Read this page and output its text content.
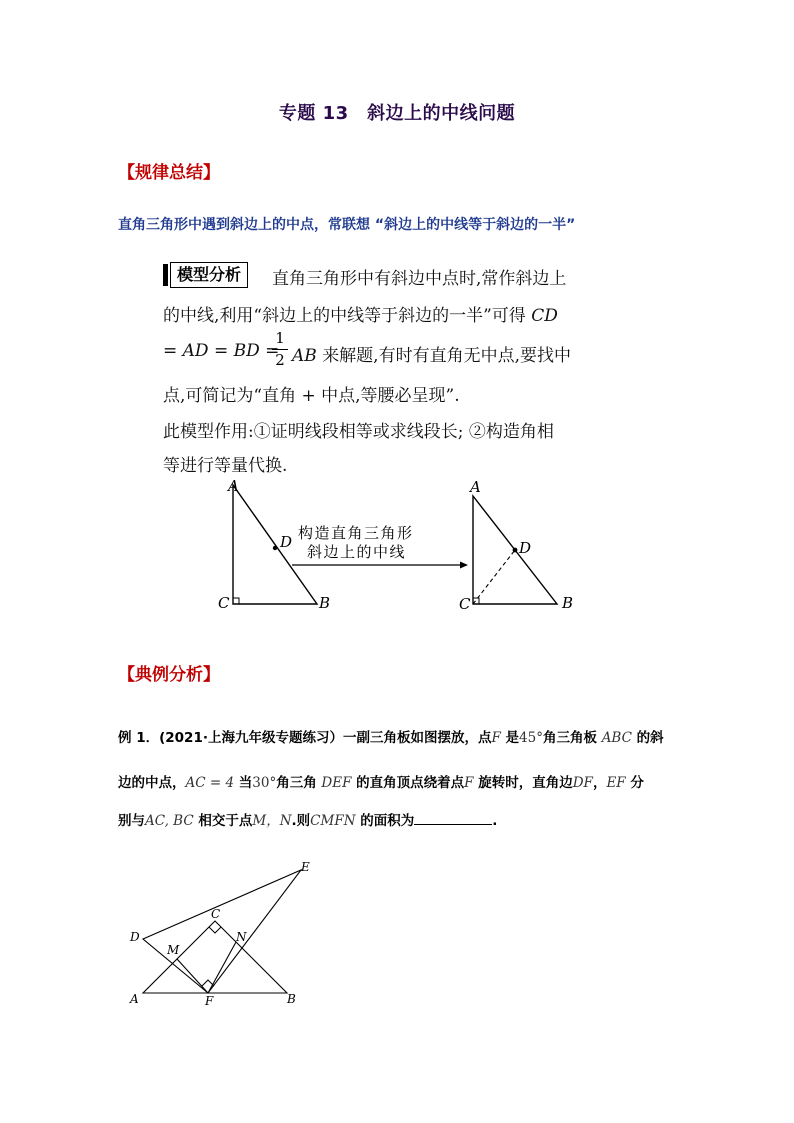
专题 13　斜边上的中线问题
【规律总结】
直角三角形中遇到斜边上的中点，常联想 “斜边上的中线等于斜边的一半”
模型分析	直角三角形中有斜边中点时,常作斜边上
的中线,利用“斜边上的中线等于斜边的一半”可得 CD
= AD = BD =
1
2 AB 来解题,有时有直角无中点,要找中
点,可简记为“直角 + 中点,等腰必呈现”.
此模型作用:①证明线段相等或求线段长; ②构造角相
等进行等量代换.
A
C	B
D 构造直角三角形
斜边上的中线
A
C	B
D
【典例分析】
例 1．(2021·上海九年级专题练习）一副三角板如图摆放，点F 是45°角三角板 ABC 的斜
边的中点，AC = 4 当30°角三角 DEF 的直角顶点绕着点F 旋转时，直角边DF，EF 分
别与AC, BC 相交于点M，N.则CMFN 的面积为	.
A	B
C
D
E
F
M
N
